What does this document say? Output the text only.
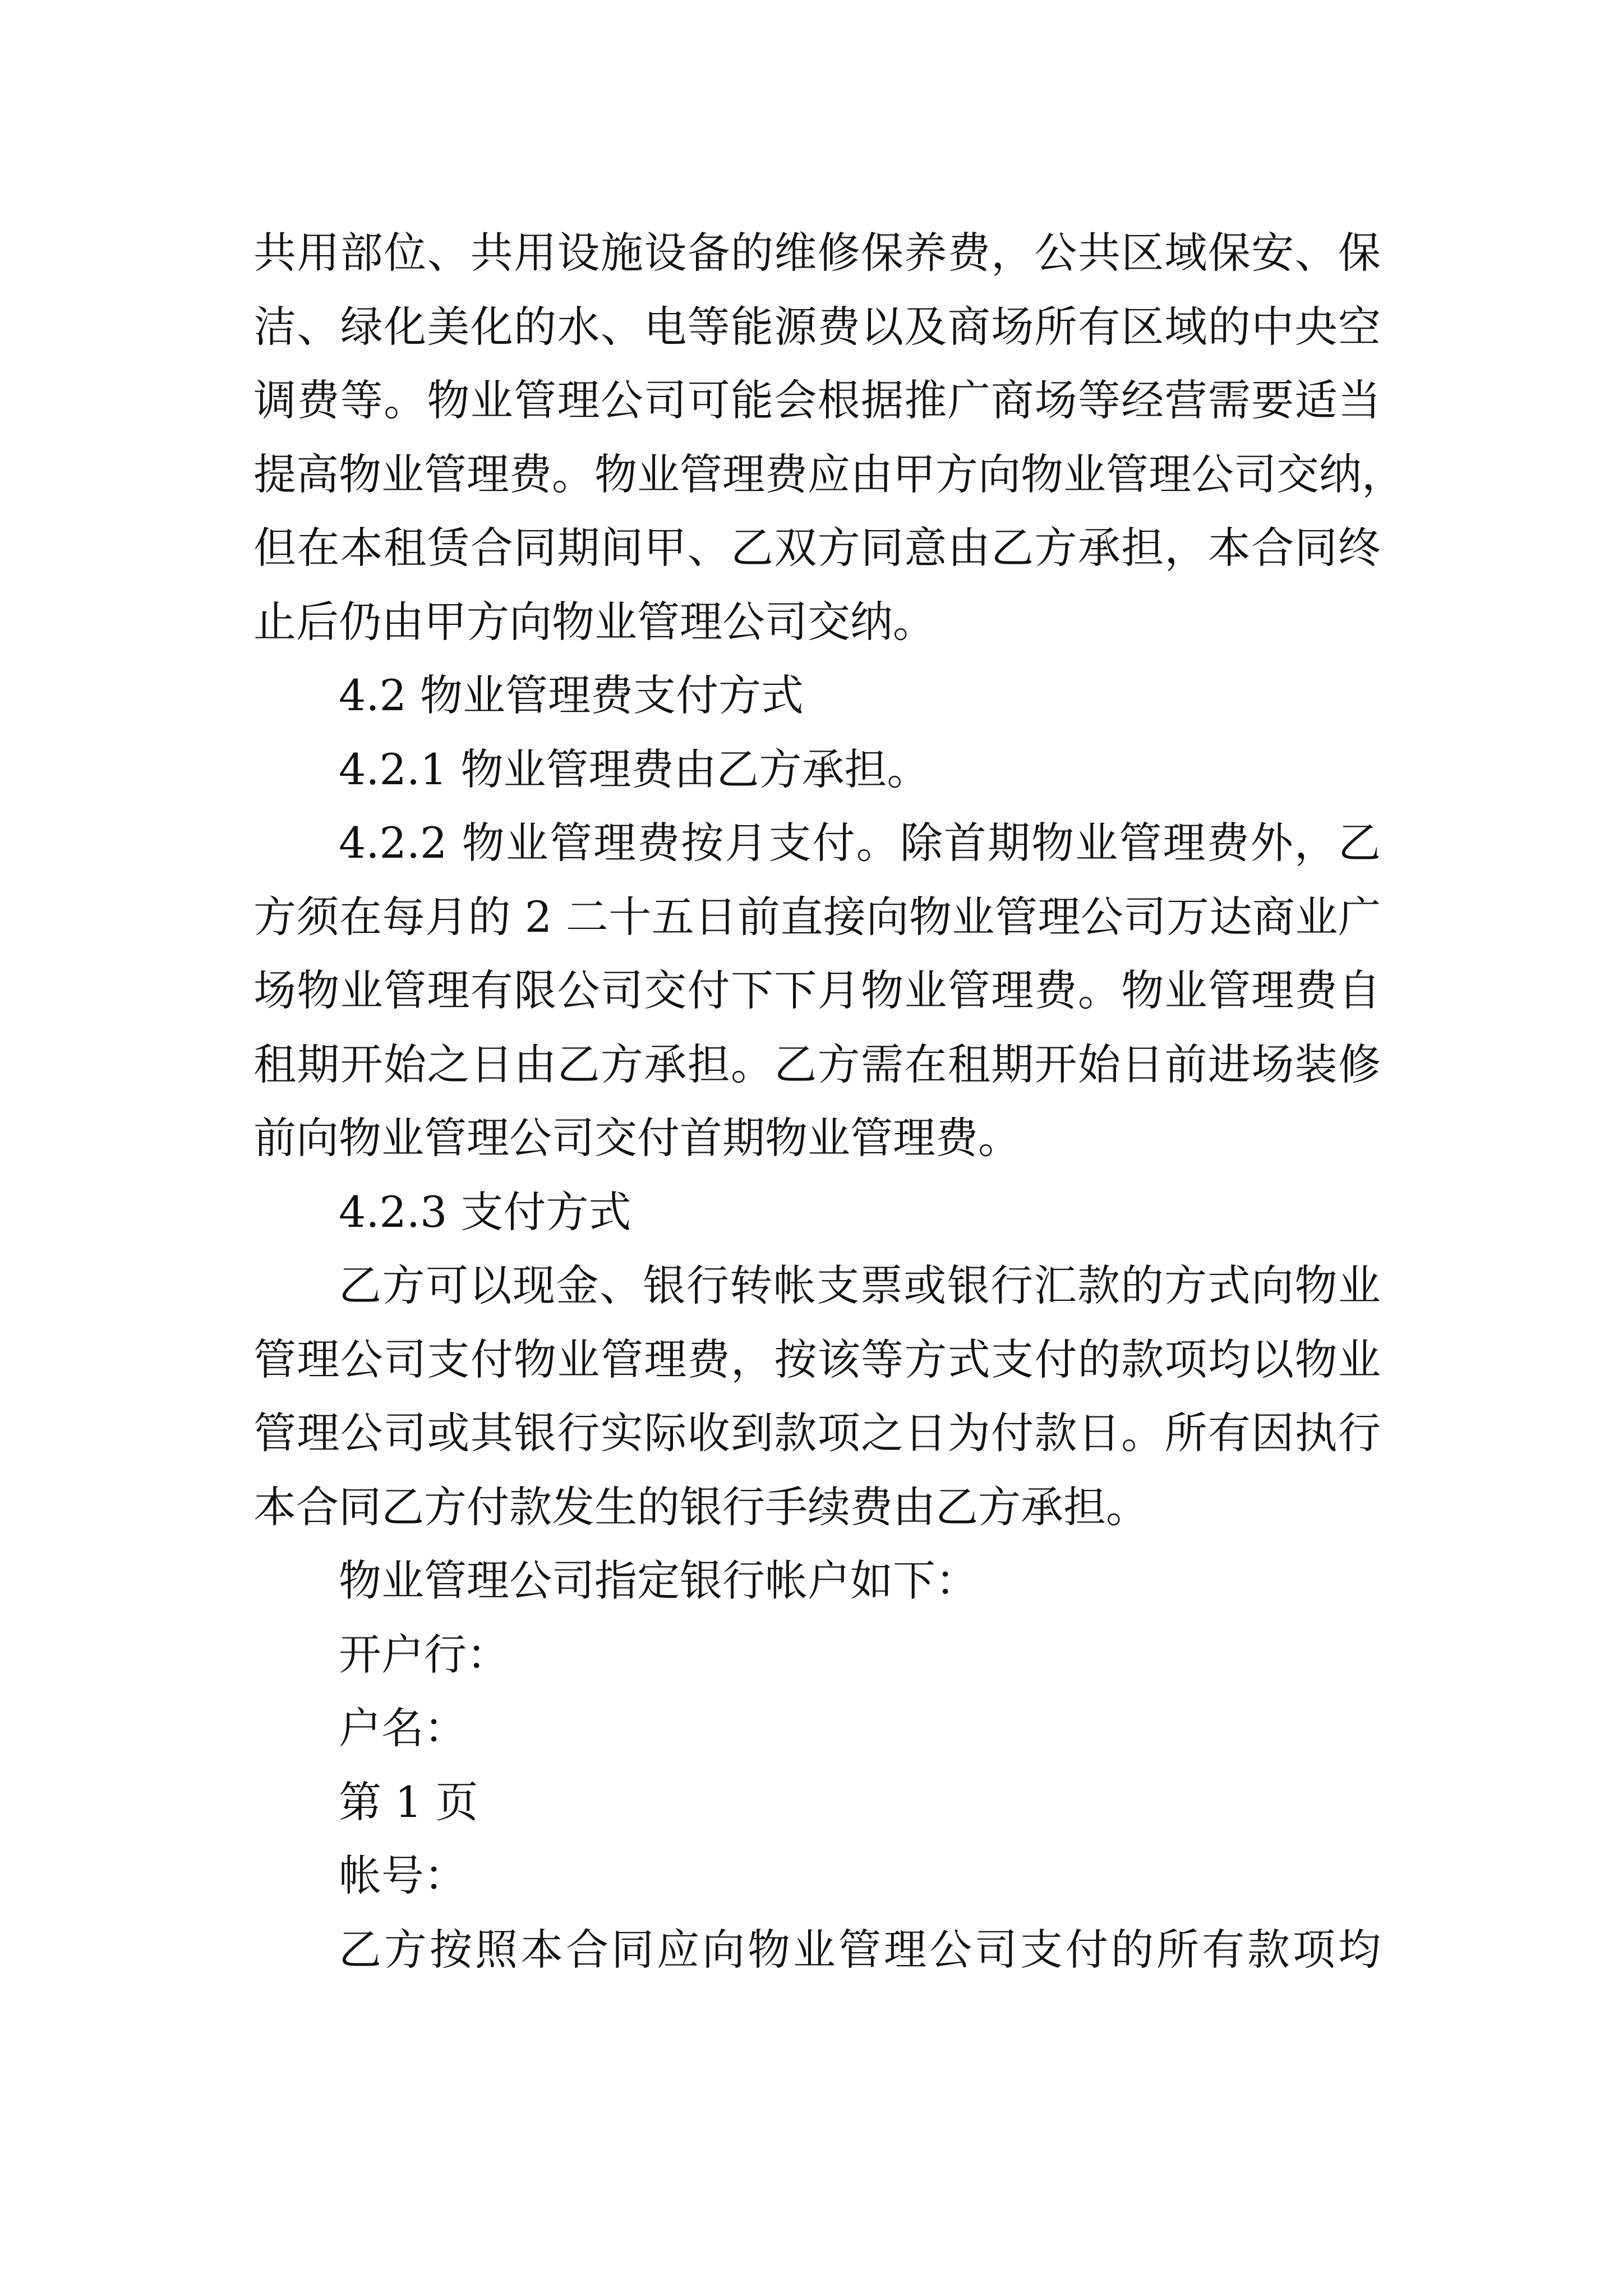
共用部位、共用设施设备的维修保养费，公共区域保安、保
洁、绿化美化的水、电等能源费以及商场所有区域的中央空
调费等。物业管理公司可能会根据推广商场等经营需要适当
提高物业管理费。物业管理费应由甲方向物业管理公司交纳，
但在本租赁合同期间甲、乙双方同意由乙方承担，本合同终
止后仍由甲方向物业管理公司交纳。
4.2 物业管理费支付方式
4.2.1 物业管理费由乙方承担。
4.2.2 物业管理费按月支付。除首期物业管理费外，乙
方须在每月的 2 二十五日前直接向物业管理公司万达商业广
场物业管理有限公司交付下下月物业管理费。物业管理费自
租期开始之日由乙方承担。乙方需在租期开始日前进场装修
前向物业管理公司交付首期物业管理费。
4.2.3 支付方式
乙方可以现金、银行转帐支票或银行汇款的方式向物业
管理公司支付物业管理费，按该等方式支付的款项均以物业
管理公司或其银行实际收到款项之日为付款日。所有因执行
本合同乙方付款发生的银行手续费由乙方承担。
物业管理公司指定银行帐户如下：
开户行：
户名：
第 1 页
帐号：
乙方按照本合同应向物业管理公司支付的所有款项均
